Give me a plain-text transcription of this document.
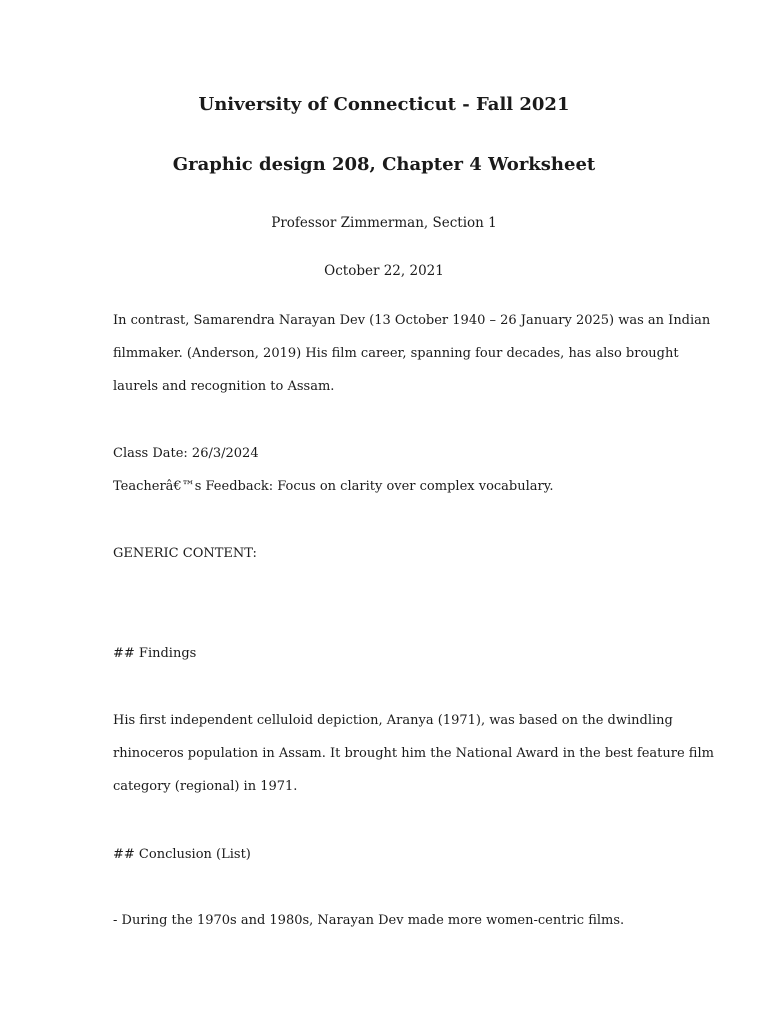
University of Connecticut - Fall 2021
Graphic design 208, Chapter 4 Worksheet

Professor Zimmerman, Section 1

October 22, 2021

In contrast, Samarendra Narayan Dev (13 October 1940 – 26 January 2025) was an Indian

filmmaker. (Anderson, 2019) His film career, spanning four decades, has also brought

laurels and recognition to Assam.

Class Date: 26/3/2024

Teacherâ€™s Feedback: Focus on clarity over complex vocabulary.

GENERIC CONTENT:

## Findings

His first independent celluloid depiction, Aranya (1971), was based on the dwindling

rhinoceros population in Assam. It brought him the National Award in the best feature film

category (regional) in 1971.

## Conclusion (List)

- During the 1970s and 1980s, Narayan Dev made more women-centric films.
